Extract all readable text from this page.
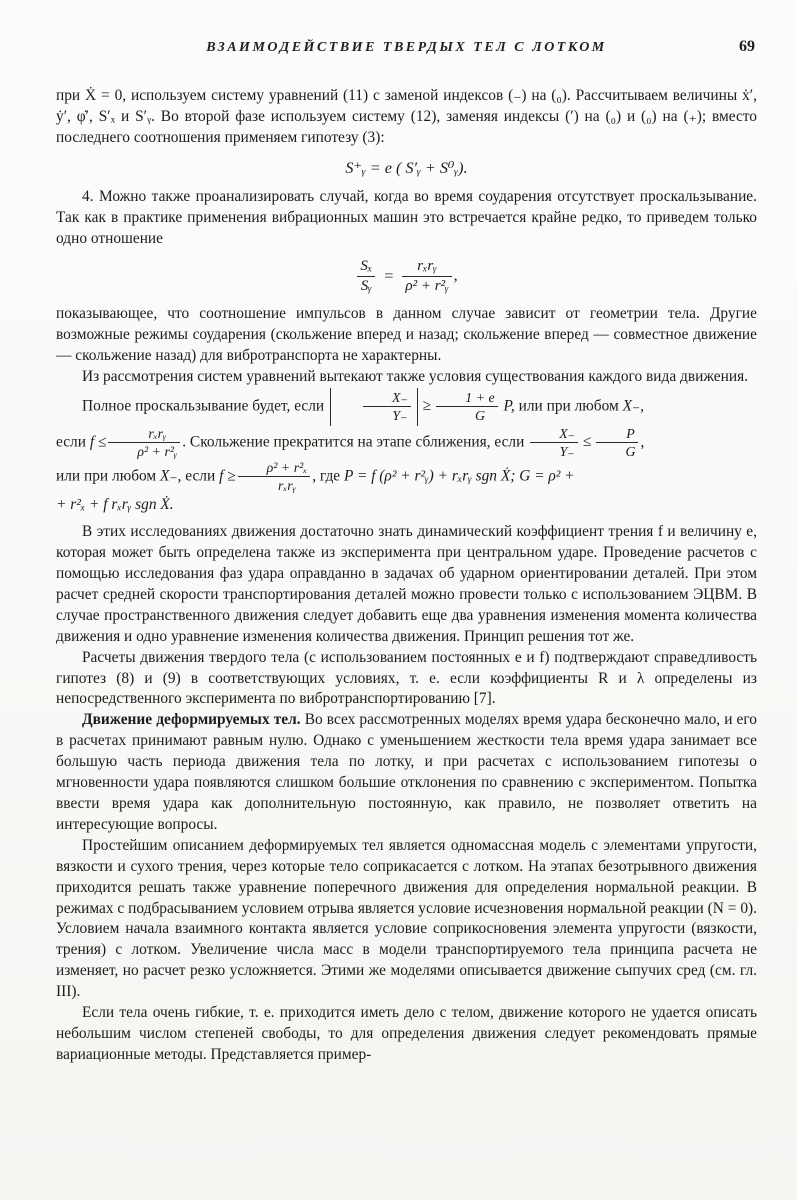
ВЗАИМОДЕЙСТВИЕ ТВЕРДЫХ ТЕЛ С ЛОТКОМ	69

при Ẋ = 0, используем систему уравнений (11) с заменой индексов (₋) на (₀). Рассчитываем величины ẋ′, ẏ′, φ̇′, S′ₓ и S′ᵧ. Во второй фазе используем систему (12), заменяя индексы (′) на (₀) и (₀) на (₊); вместо последнего соотношения применяем гипотезу (3):

S⁺ᵧ = e ( S′ᵧ + S⁰ᵧ).

4. Можно также проанализировать случай, когда во время соударения отсутствует проскальзывание. Так как в практике применения вибрационных машин это встречается крайне редко, то приведем только одно отношение

$\frac{\text{Sₓ}}{\text{Sᵧ}} = \frac{\text{rₓrᵧ}}{\text{ρ² + r²ᵧ}}$ ,

показывающее, что соотношение импульсов в данном случае зависит от геометрии тела. Другие возможные режимы соударения (скольжение вперед и назад; скольжение вперед — совместное движение — скольжение назад) для вибротранспорта не характерны.

Из рассмотрения систем уравнений вытекают также условия существования каждого вида движения.

Полное проскальзывание будет, если	$\frac{X_-}{Y_-} \ge \frac{1 + e}{G} P$, или при любом X₋,
если $f \le \frac{\text{rₓrᵧ}}{\text{ρ² + r²ᵧ}}$ . Скольжение прекратится на этапе сближения, если $\frac{X_-}{Y_-} \le \frac{P}{G}$ ,
или при любом X₋, если $f \ge \frac{\text{ρ² + r²ₓ}}{\text{rₓrᵧ}}$ , где P = f (ρ² + r²ᵧ) + rₓrᵧ sgn Ẋ; G = ρ² +
+ r²ₓ + f rₓrᵧ sgn Ẋ.

В этих исследованиях движения достаточно знать динамический коэффициент трения f и величину e, которая может быть определена также из эксперимента при центральном ударе. Проведение расчетов с помощью исследования фаз удара оправданно в задачах об ударном ориентировании деталей. При этом расчет средней скорости транспортирования деталей можно провести только с использованием ЭЦВМ. В случае пространственного движения следует добавить еще два уравнения изменения момента количества движения и одно уравнение изменения количества движения. Принцип решения тот же.

Расчеты движения твердого тела (с использованием постоянных e и f) подтверждают справедливость гипотез (8) и (9) в соответствующих условиях, т. е. если коэффициенты R и λ определены из непосредственного эксперимента по вибротранспортированию [7].

Движение деформируемых тел. Во всех рассмотренных моделях время удара бесконечно мало, и его в расчетах принимают равным нулю. Однако с уменьшением жесткости тела время удара занимает все большую часть периода движения тела по лотку, и при расчетах с использованием гипотезы о мгновенности удара появляются слишком большие отклонения по сравнению с экспериментом. Попытка ввести время удара как дополнительную постоянную, как правило, не позволяет ответить на интересующие вопросы.

Простейшим описанием деформируемых тел является одномассная модель с элементами упругости, вязкости и сухого трения, через которые тело соприкасается с лотком. На этапах безотрывного движения приходится решать также уравнение поперечного движения для определения нормальной реакции. В режимах с подбрасыванием условием отрыва является условие исчезновения нормальной реакции (N = 0). Условием начала взаимного контакта является условие соприкосновения элемента упругости (вязкости, трения) с лотком. Увеличение числа масс в модели транспортируемого тела принципа расчета не изменяет, но расчет резко усложняется. Этими же моделями описывается движение сыпучих сред (см. гл. III).

Если тела очень гибкие, т. е. приходится иметь дело с телом, движение которого не удается описать небольшим числом степеней свободы, то для определения движения следует рекомендовать прямые вариационные методы. Представляется пример-
